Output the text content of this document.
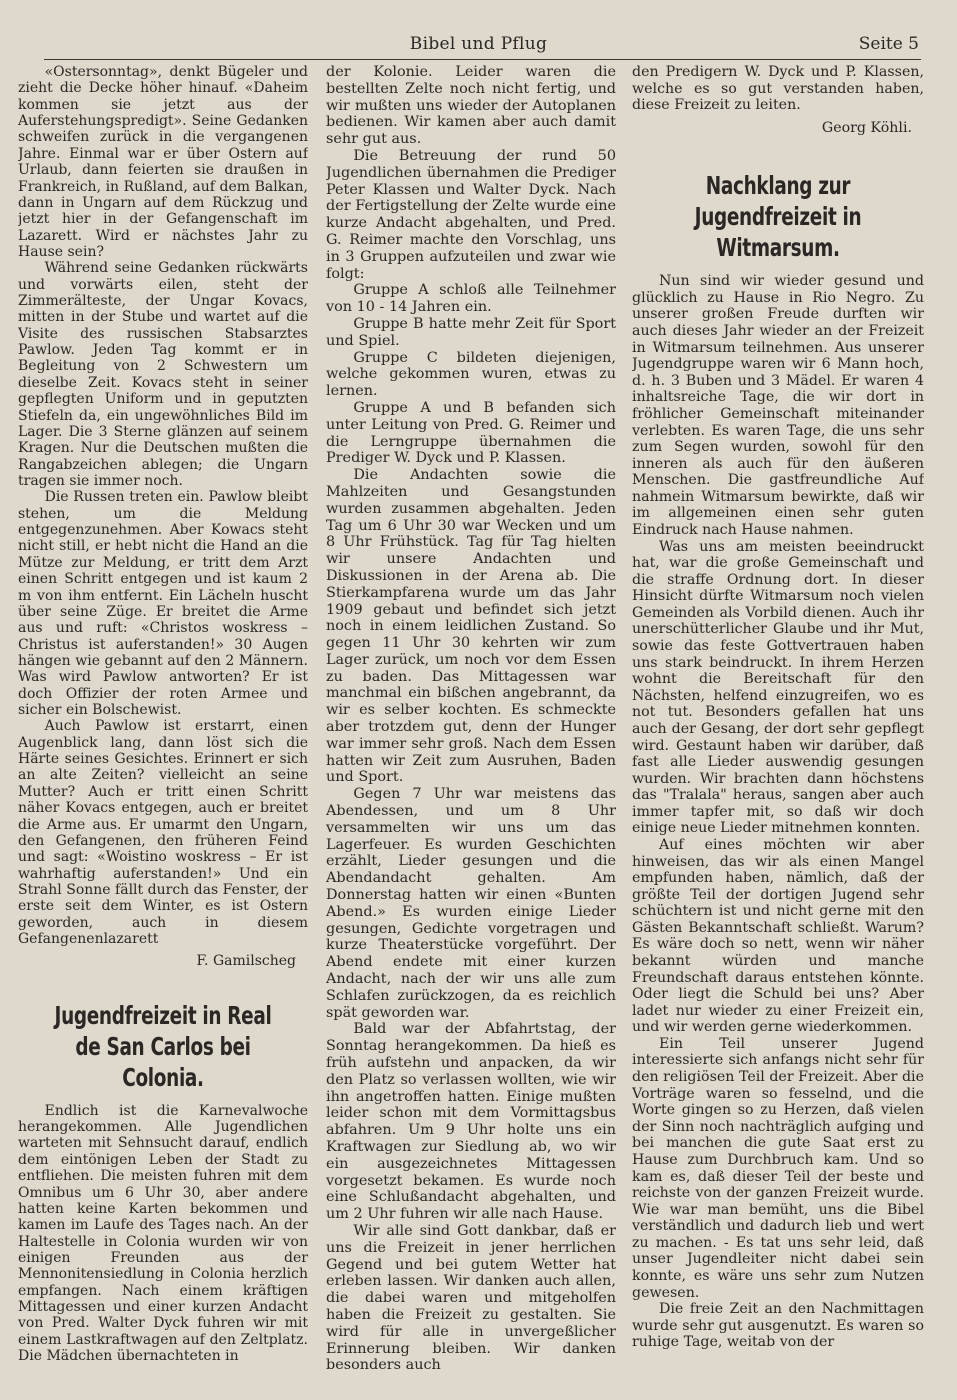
Bibel und Pflug	Seite 5

«Ostersonntag», denkt Bügeler und zieht die Decke höher hinauf. «Daheim kommen sie jetzt aus der Auferstehungspredigt». Seine Gedanken schweifen zurück in die vergangenen Jahre. Einmal war er über Ostern auf Urlaub, dann feierten sie draußen in Frankreich, in Rußland, auf dem Balkan, dann in Ungarn auf dem Rückzug und jetzt hier in der Gefangenschaft im Lazarett. Wird er nächstes Jahr zu Hause sein?

Während seine Gedanken rückwärts und vorwärts eilen, steht der Zimmerälteste, der Ungar Kovacs, mitten in der Stube und wartet auf die Visite des russischen Stabsarztes Pawlow. Jeden Tag kommt er in Begleitung von 2 Schwestern um dieselbe Zeit. Kovacs steht in seiner gepflegten Uniform und in geputzten Stiefeln da, ein ungewöhnliches Bild im Lager. Die 3 Sterne glänzen auf seinem Kragen. Nur die Deutschen mußten die Rangabzeichen ablegen; die Ungarn tragen sie immer noch.

Die Russen treten ein. Pawlow bleibt stehen, um die Meldung entgegenzunehmen. Aber Kowacs steht nicht still, er hebt nicht die Hand an die Mütze zur Meldung, er tritt dem Arzt einen Schritt entgegen und ist kaum 2 m von ihm entfernt. Ein Lächeln huscht über seine Züge. Er breitet die Arme aus und ruft: «Christos woskress – Christus ist auferstanden!» 30 Augen hängen wie gebannt auf den 2 Männern. Was wird Pawlow antworten? Er ist doch Offizier der roten Armee und sicher ein Bolschewist.

Auch Pawlow ist erstarrt, einen Augenblick lang, dann löst sich die Härte seines Gesichtes. Erinnert er sich an alte Zeiten? vielleicht an seine Mutter? Auch er tritt einen Schritt näher Kovacs entgegen, auch er breitet die Arme aus. Er umarmt den Ungarn, den Gefangenen, den früheren Feind und sagt: «Woistino woskress – Er ist wahrhaftig auferstanden!» Und ein Strahl Sonne fällt durch das Fenster, der erste seit dem Winter, es ist Ostern geworden, auch in diesem Gefangenenlazarett

F. Gamilscheg
Jugendfreizeit in Real de San Carlos bei Colonia.

Endlich ist die Karnevalwoche herangekommen. Alle Jugendlichen warteten mit Sehnsucht darauf, endlich dem eintönigen Leben der Stadt zu entfliehen. Die meisten fuhren mit dem Omnibus um 6 Uhr 30, aber andere hatten keine Karten bekommen und kamen im Laufe des Tages nach. An der Haltestelle in Colonia wurden wir von einigen Freunden aus der Mennonitensiedlung in Colonia herzlich empfangen. Nach einem kräftigen Mittagessen und einer kurzen Andacht von Pred. Walter Dyck fuhren wir mit einem Lastkraftwagen auf den Zeltplatz. Die Mädchen übernachteten in

der Kolonie. Leider waren die bestellten Zelte noch nicht fertig, und wir mußten uns wieder der Autoplanen bedienen. Wir kamen aber auch damit sehr gut aus.

Die Betreuung der rund 50 Jugendlichen übernahmen die Prediger Peter Klassen und Walter Dyck. Nach der Fertigstellung der Zelte wurde eine kurze Andacht abgehalten, und Pred. G. Reimer machte den Vorschlag, uns in 3 Gruppen aufzuteilen und zwar wie folgt:

Gruppe A schloß alle Teilnehmer von 10 - 14 Jahren ein.

Gruppe B hatte mehr Zeit für Sport und Spiel.

Gruppe C bildeten diejenigen, welche gekommen wuren, etwas zu lernen.

Gruppe A und B befanden sich unter Leitung von Pred. G. Reimer und die Lerngruppe übernahmen die Prediger W. Dyck und P. Klassen.

Die Andachten sowie die Mahlzeiten und Gesangstunden wurden zusammen abgehalten. Jeden Tag um 6 Uhr 30 war Wecken und um 8 Uhr Frühstück. Tag für Tag hielten wir unsere Andachten und Diskussionen in der Arena ab. Die Stierkampfarena wurde um das Jahr 1909 gebaut und befindet sich jetzt noch in einem leidlichen Zustand. So gegen 11 Uhr 30 kehrten wir zum Lager zurück, um noch vor dem Essen zu baden. Das Mittagessen war manchmal ein bißchen angebrannt, da wir es selber kochten. Es schmeckte aber trotzdem gut, denn der Hunger war immer sehr groß. Nach dem Essen hatten wir Zeit zum Ausruhen, Baden und Sport.

Gegen 7 Uhr war meistens das Abendessen, und um 8 Uhr versammelten wir uns um das Lagerfeuer. Es wurden Geschichten erzählt, Lieder gesungen und die Abendandacht gehalten. Am Donnerstag hatten wir einen «Bunten Abend.» Es wurden einige Lieder gesungen, Gedichte vorgetragen und kurze Theaterstücke vorgeführt. Der Abend endete mit einer kurzen Andacht, nach der wir uns alle zum Schlafen zurückzogen, da es reichlich spät geworden war.

Bald war der Abfahrtstag, der Sonntag herangekommen. Da hieß es früh aufstehn und anpacken, da wir den Platz so verlassen wollten, wie wir ihn angetroffen hatten. Einige mußten leider schon mit dem Vormittagsbus abfahren. Um 9 Uhr holte uns ein Kraftwagen zur Siedlung ab, wo wir ein ausgezeichnetes Mittagessen vorgesetzt bekamen. Es wurde noch eine Schlußandacht abgehalten, und um 2 Uhr fuhren wir alle nach Hause.

Wir alle sind Gott dankbar, daß er uns die Freizeit in jener herrlichen Gegend und bei gutem Wetter hat erleben lassen. Wir danken auch allen, die dabei waren und mitgeholfen haben die Freizeit zu gestalten. Sie wird für alle in unvergeßlicher Erinnerung bleiben. Wir danken besonders auch

den Predigern W. Dyck und P. Klassen, welche es so gut verstanden haben, diese Freizeit zu leiten.

Georg Köhli.
Nachklang zur Jugendfreizeit in Witmarsum.

Nun sind wir wieder gesund und glücklich zu Hause in Rio Negro. Zu unserer großen Freude durften wir auch dieses Jahr wieder an der Freizeit in Witmarsum teilnehmen. Aus unserer Jugendgruppe waren wir 6 Mann hoch, d. h. 3 Buben und 3 Mädel. Er waren 4 inhaltsreiche Tage, die wir dort in fröhlicher Gemeinschaft miteinander verlebten. Es waren Tage, die uns sehr zum Segen wurden, sowohl für den inneren als auch für den äußeren Menschen. Die gastfreundliche Auf nahmein Witmarsum bewirkte, daß wir im allgemeinen einen sehr guten Eindruck nach Hause nahmen.

Was uns am meisten beeindruckt hat, war die große Gemeinschaft und die straffe Ordnung dort. In dieser Hinsicht dürfte Witmarsum noch vielen Gemeinden als Vorbild dienen. Auch ihr unerschütterlicher Glaube und ihr Mut, sowie das feste Gottvertrauen haben uns stark beindruckt. In ihrem Herzen wohnt die Bereitschaft für den Nächsten, helfend einzugreifen, wo es not tut. Besonders gefallen hat uns auch der Gesang, der dort sehr gepflegt wird. Gestaunt haben wir darüber, daß fast alle Lieder auswendig gesungen wurden. Wir brachten dann höchstens das "Tralala" heraus, sangen aber auch immer tapfer mit, so daß wir doch einige neue Lieder mitnehmen konnten.

Auf eines möchten wir aber hinweisen, das wir als einen Mangel empfunden haben, nämlich, daß der größte Teil der dortigen Jugend sehr schüchtern ist und nicht gerne mit den Gästen Bekanntschaft schließt. Warum? Es wäre doch so nett, wenn wir näher bekannt würden und manche Freundschaft daraus entstehen könnte. Oder liegt die Schuld bei uns? Aber ladet nur wieder zu einer Freizeit ein, und wir werden gerne wiederkommen.

Ein Teil unserer Jugend interessierte sich anfangs nicht sehr für den religiösen Teil der Freizeit. Aber die Vorträge waren so fesselnd, und die Worte gingen so zu Herzen, daß vielen der Sinn noch nachträglich aufging und bei manchen die gute Saat erst zu Hause zum Durchbruch kam. Und so kam es, daß dieser Teil der beste und reichste von der ganzen Freizeit wurde. Wie war man bemüht, uns die Bibel verständlich und dadurch lieb und wert zu machen. - Es tat uns sehr leid, daß unser Jugendleiter nicht dabei sein konnte, es wäre uns sehr zum Nutzen gewesen.

Die freie Zeit an den Nachmittagen wurde sehr gut ausgenutzt. Es waren so ruhige Tage, weitab von der
